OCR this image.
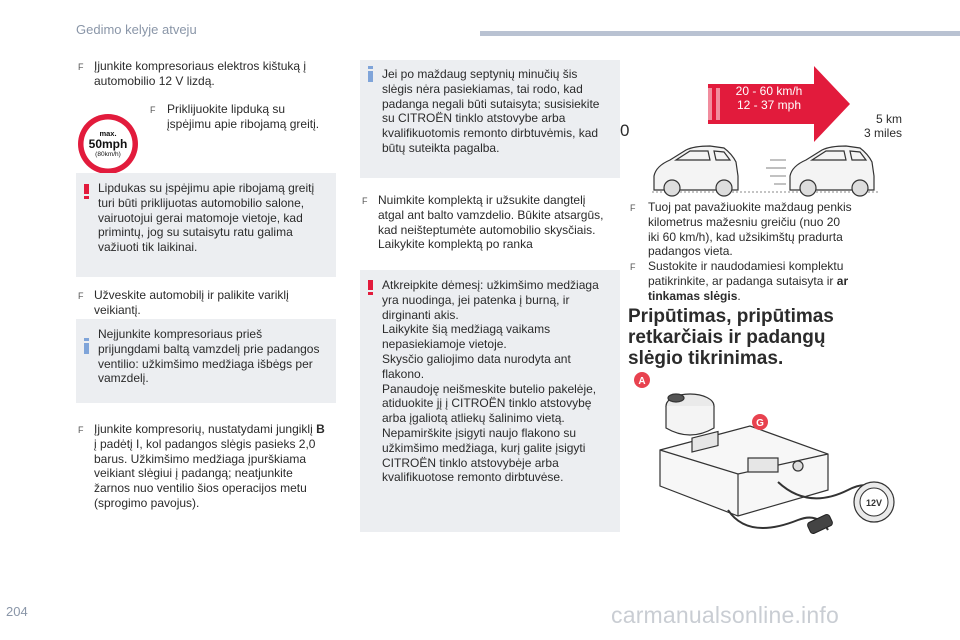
Gedimo kelyje atveju
F Įjunkite kompresoriaus elektros kištuką į
automobilio 12 V lizdą.
max.
50mph
(80km/h)
F Priklijuokite lipduką su
įspėjimu apie ribojamą greitį.
Lipdukas su įspėjimu apie ribojamą greitį
turi būti priklijuotas automobilio salone,
vairuotojui gerai matomoje vietoje, kad
primintų, jog su sutaisytu ratu galima
važiuoti tik laikinai.
F Užveskite automobilį ir palikite variklį
veikiantį.
Neįjunkite kompresoriaus prieš
prijungdami baltą vamzdelį prie padangos
ventilio: užkimšimo medžiaga išbėgs per
vamzdelį.
F Įjunkite kompresorių, nustatydami jungiklį B
į padėtį I, kol padangos slėgis pasieks 2,0
barus. Užkimšimo medžiaga įpurškiama
veikiant slėgiui į padangą; neatjunkite
žarnos nuo ventilio šios operacijos metu
(sprogimo pavojus).
Jei po maždaug septynių minučių šis
slėgis nėra pasiekiamas, tai rodo, kad
padanga negali būti sutaisyta; susisiekite
su CITROËN tinklo atstovybe arba
kvalifikuotomis remonto dirbtuvėmis, kad
būtų suteikta pagalba.
F Nuimkite komplektą ir užsukite dangtelį
atgal ant balto vamzdelio. Būkite atsargūs,
kad neišteptumėte automobilio skysčiais.
Laikykite komplektą po ranka
Atkreipkite dėmesį: užkimšimo medžiaga
yra nuodinga, jei patenka į burną, ir
dirginanti akis.
Laikykite šią medžiagą vaikams
nepasiekiamoje vietoje.
Skysčio galiojimo data nurodyta ant
flakono.
Panaudoję neišmeskite butelio pakelėje,
atiduokite jį į CITROËN tinklo atstovybę
arba įgaliotą atliekų šalinimo vietą.
Nepamirškite įsigyti naujo flakono su
užkimšimo medžiaga, kurį galite įsigyti
CITROËN tinklo atstovybėje arba
kvalifikuotose remonto dirbtuvėse.
20 - 60 km/h
12 - 37 mph
0
5 km
3 miles
F Tuoj pat pavažiuokite maždaug penkis
kilometrus mažesniu greičiu (nuo 20
iki 60 km/h), kad užsikimštų pradurta
padangos vieta.
F Sustokite ir naudodamiesi komplektu
patikrinkite, ar padanga sutaisyta ir ar
tinkamas slėgis.
Pripūtimas, pripūtimas
retkarčiais ir padangų
slėgio tikrinimas.
12V
A
G
204	carmanualsonline.info
